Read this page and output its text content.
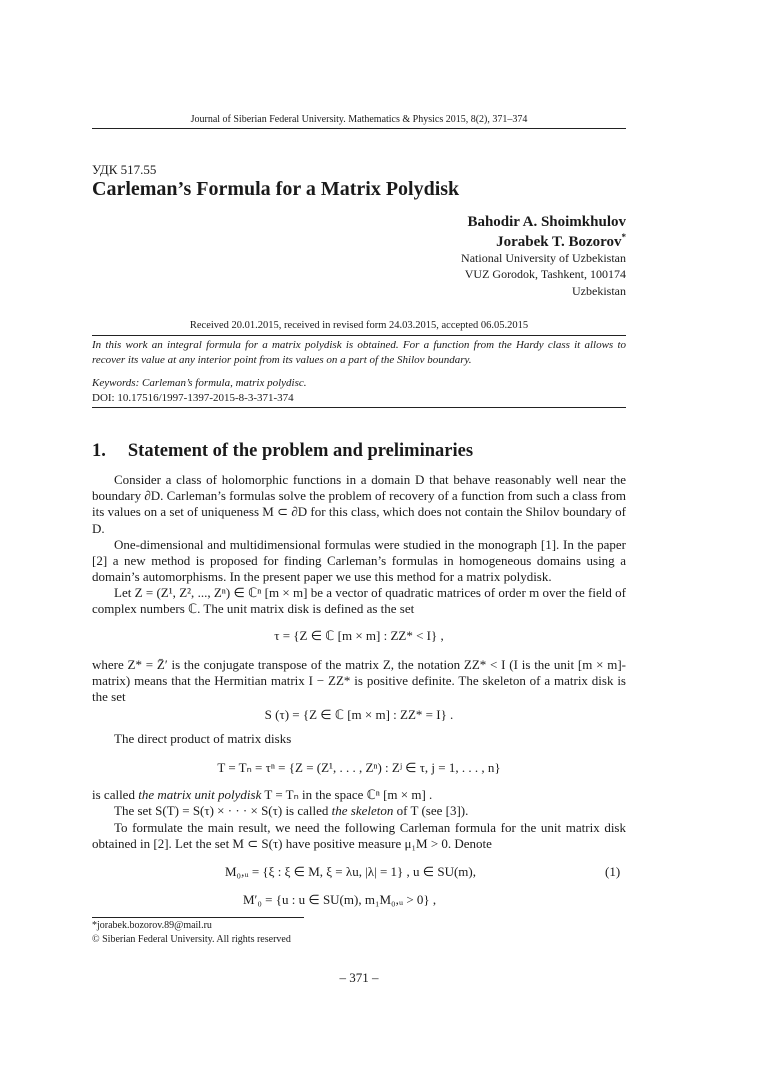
Journal of Siberian Federal University. Mathematics & Physics 2015, 8(2), 371–374
УДК 517.55
Carleman’s Formula for a Matrix Polydisk
Bahodir A. Shoimkhulov
Jorabek T. Bozorov*
National University of Uzbekistan
VUZ Gorodok, Tashkent, 100174
Uzbekistan
Received 20.01.2015, received in revised form 24.03.2015, accepted 06.05.2015
In this work an integral formula for a matrix polydisk is obtained. For a function from the Hardy class it allows to recover its value at any interior point from its values on a part of the Shilov boundary.
Keywords: Carleman’s formula, matrix polydisc.
DOI: 10.17516/1997-1397-2015-8-3-371-374
1. Statement of the problem and preliminaries
Consider a class of holomorphic functions in a domain D that behave reasonably well near the boundary ∂D. Carleman’s formulas solve the problem of recovery of a function from such a class from its values on a set of uniqueness M ⊂ ∂D for this class, which does not contain the Shilov boundary of D.
One-dimensional and multidimensional formulas were studied in the monograph [1]. In the paper [2] a new method is proposed for finding Carleman’s formulas in homogeneous domains using a domain’s automorphisms. In the present paper we use this method for a matrix polydisk.
Let Z = (Z¹, Z², ..., Zⁿ) ∈ ℂⁿ [m × m] be a vector of quadratic matrices of order m over the field of complex numbers ℂ. The unit matrix disk is defined as the set
τ = {Z ∈ ℂ [m × m] : ZZ* < I} ,
where Z* = Z̄′ is the conjugate transpose of the matrix Z, the notation ZZ* < I (I is the unit [m × m]-matrix) means that the Hermitian matrix I − ZZ* is positive definite. The skeleton of a matrix disk is the set
S (τ) = {Z ∈ ℂ [m × m] : ZZ* = I} .
The direct product of matrix disks
T = Tₙ = τⁿ = {Z = (Z¹, . . . , Zⁿ) : Zʲ ∈ τ, j = 1, . . . , n}
is called the matrix unit polydisk T = Tₙ in the space ℂⁿ [m × m] .
The set S(T) = S(τ) × · · · × S(τ) is called the skeleton of T (see [3]).
To formulate the main result, we need the following Carleman formula for the unit matrix disk obtained in [2]. Let the set M ⊂ S(τ) have positive measure μ₁M > 0. Denote
M₀,ᵤ = {ξ : ξ ∈ M, ξ = λu, |λ| = 1} , u ∈ SU(m),	(1)
M′₀ = {u : u ∈ SU(m), m₁M₀,ᵤ > 0} ,
*jorabek.bozorov.89@mail.ru
© Siberian Federal University. All rights reserved
– 371 –
